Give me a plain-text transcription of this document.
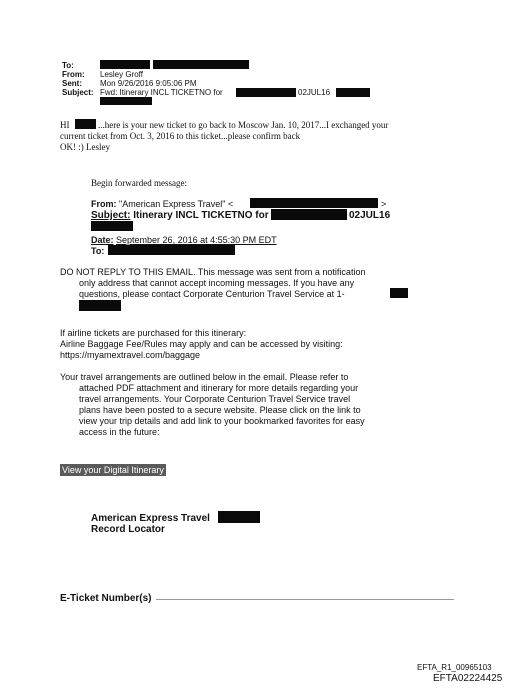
To:
From: Lesley Groff
Sent: Mon 9/26/2016 9:05:06 PM
Subject: Fwd: Itinerary INCL TICKETNO for	02JUL16
HI	...here is your new ticket to go back to Moscow Jan. 10, 2017...I exchanged your
current ticket from Oct. 3, 2016 to this ticket...please confirm back
OK! :) Lesley
Begin forwarded message:
From: "American Express Travel" <	>
Subject: Itinerary INCL TICKETNO for	02JUL16
Date: September 26, 2016 at 4:55:30 PM EDT
To:
DO NOT REPLY TO THIS EMAIL. This message was sent from a notification
only address that cannot accept incoming messages. If you have any
questions, please contact Corporate Centurion Travel Service at 1-
If airline tickets are purchased for this itinerary:
Airline Baggage Fee/Rules may apply and can be accessed by visiting:
https://myamextravel.com/baggage
Your travel arrangements are outlined below in the email. Please refer to
attached PDF attachment and itinerary for more details regarding your
travel arrangements. Your Corporate Centurion Travel Service travel
plans have been posted to a secure website. Please click on the link to
view your trip details and add link to your bookmarked favorites for easy
access in the future:
View your Digital Itinerary
American Express Travel
Record Locator
E-Ticket Number(s)
EFTA_R1_00965103
EFTA02224425
